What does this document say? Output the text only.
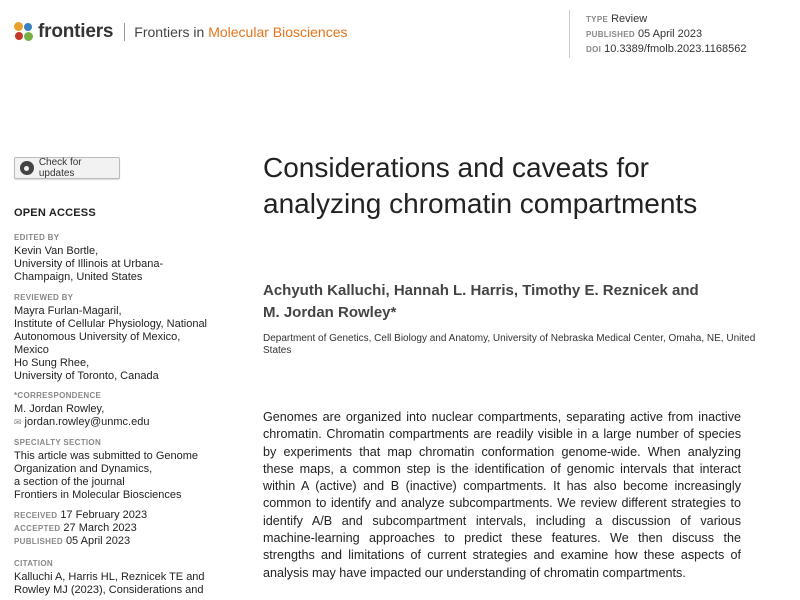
frontiers Frontiers in Molecular Biosciences
TYPE Review
PUBLISHED 05 April 2023
DOI 10.3389/fmolb.2023.1168562
Check for updates
OPEN ACCESS
EDITED BY
Kevin Van Bortle,
University of Illinois at Urbana-
Champaign, United States
REVIEWED BY
Mayra Furlan-Magaril,
Institute of Cellular Physiology, National
Autonomous University of Mexico,
Mexico
Ho Sung Rhee,
University of Toronto, Canada
*CORRESPONDENCE
M. Jordan Rowley,
✉ jordan.rowley@unmc.edu
SPECIALTY SECTION
This article was submitted to Genome
Organization and Dynamics,
a section of the journal
Frontiers in Molecular Biosciences
RECEIVED 17 February 2023
ACCEPTED 27 March 2023
PUBLISHED 05 April 2023
CITATION
Kalluchi A, Harris HL, Reznicek TE and
Rowley MJ (2023), Considerations and
Considerations and caveats for analyzing chromatin compartments
Achyuth Kalluchi, Hannah L. Harris, Timothy E. Reznicek and
M. Jordan Rowley*
Department of Genetics, Cell Biology and Anatomy, University of Nebraska Medical Center, Omaha, NE, United States
Genomes are organized into nuclear compartments, separating active from inactive chromatin. Chromatin compartments are readily visible in a large number of species by experiments that map chromatin conformation genome-wide. When analyzing these maps, a common step is the identification of genomic intervals that interact within A (active) and B (inactive) compartments. It has also become increasingly common to identify and analyze subcompartments. We review different strategies to identify A/B and subcompartment intervals, including a discussion of various machine-learning approaches to predict these features. We then discuss the strengths and limitations of current strategies and examine how these aspects of analysis may have impacted our understanding of chromatin compartments.
